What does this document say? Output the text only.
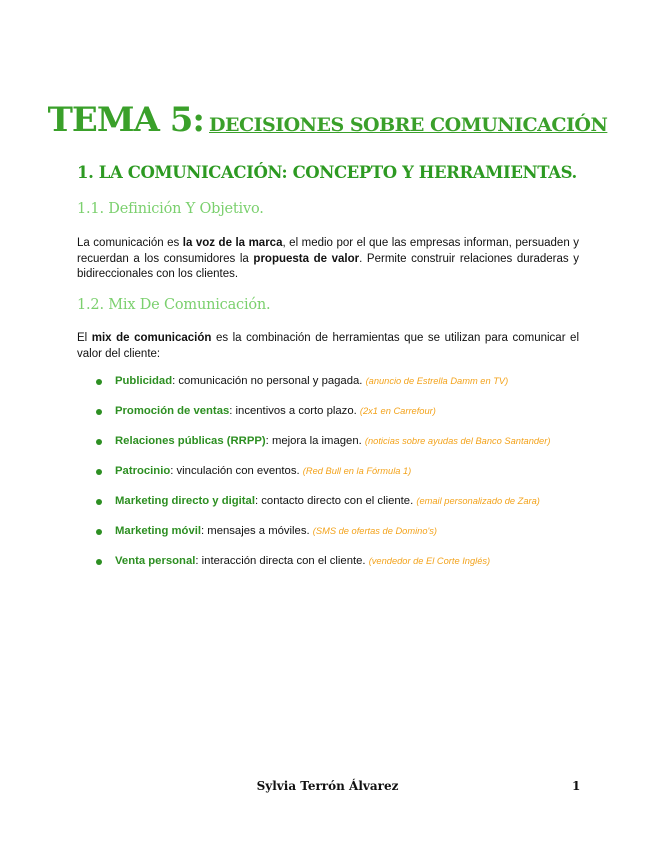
TEMA 5: DECISIONES SOBRE COMUNICACIÓN
1. LA COMUNICACIÓN: CONCEPTO Y HERRAMIENTAS.
1.1. Definición Y Objetivo.
La comunicación es la voz de la marca, el medio por el que las empresas informan, persuaden y recuerdan a los consumidores la propuesta de valor. Permite construir relaciones duraderas y bidireccionales con los clientes.
1.2. Mix De Comunicación.
El mix de comunicación es la combinación de herramientas que se utilizan para comunicar el valor del cliente:
Publicidad: comunicación no personal y pagada. (anuncio de Estrella Damm en TV)
Promoción de ventas: incentivos a corto plazo. (2x1 en Carrefour)
Relaciones públicas (RRPP): mejora la imagen. (noticias sobre ayudas del Banco Santander)
Patrocinio: vinculación con eventos. (Red Bull en la Fórmula 1)
Marketing directo y digital: contacto directo con el cliente. (email personalizado de Zara)
Marketing móvil: mensajes a móviles. (SMS de ofertas de Domino's)
Venta personal: interacción directa con el cliente. (vendedor de El Corte Inglés)
Sylvia Terrón Álvarez	1
